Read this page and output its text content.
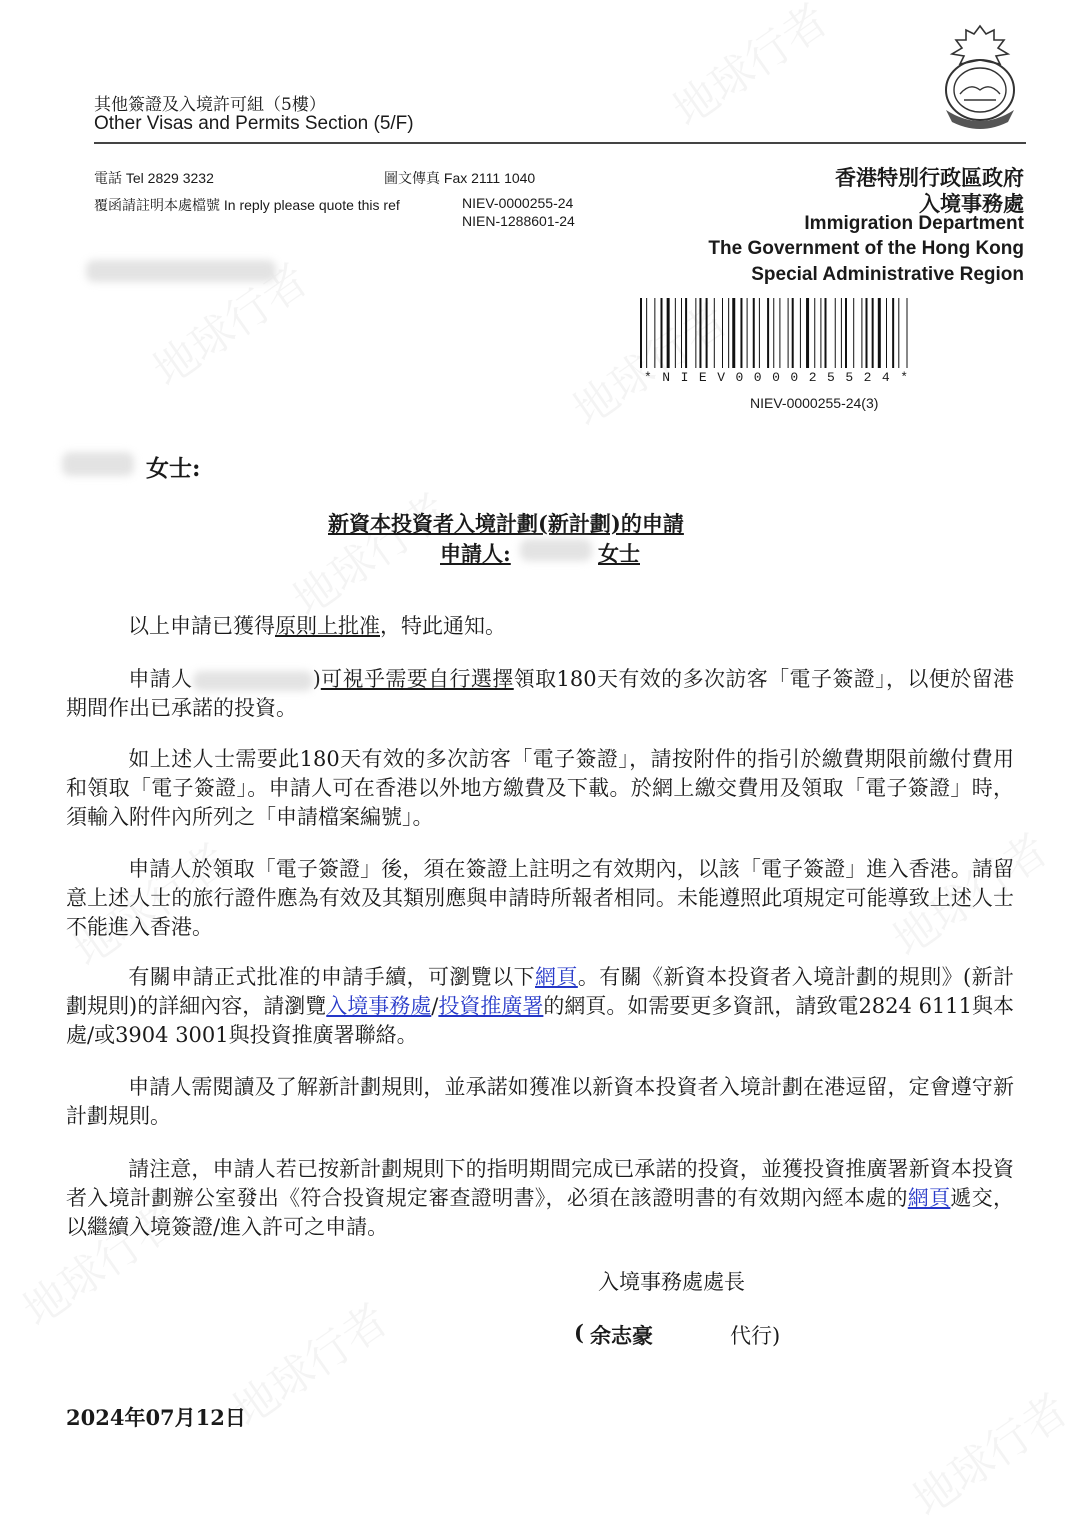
其他簽證及入境許可組（5樓）
Other Visas and Permits Section (5/F)
電話 Tel 2829 3232	圖文傳真 Fax 2111 1040
覆函請註明本處檔號 In reply please quote this ref	NIEV-0000255-24
NIEN-1288601-24
香港特別行政區政府
入境事務處
Immigration Department
The Government of the Hong Kong
Special Administrative Region
*NIEV0000255​24*
NIEV-0000255-24(3)
女士:
新資本投資者入境計劃(新計劃)的申請
申請人:	女士
以上申請已獲得原則上批准，特此通知。
申請人	)可視乎需要自行選擇領取180天有效的多次訪客「電子簽證」，以便於留港期間作出已承諾的投資。
如上述人士需要此180天有效的多次訪客「電子簽證」，請按附件的指引於繳費期限前繳付費用和領取「電子簽證」。申請人可在香港以外地方繳費及下載。於網上繳交費用及領取「電子簽證」時，須輸入附件內所列之「申請檔案編號」。
申請人於領取「電子簽證」後，須在簽證上註明之有效期內，以該「電子簽證」進入香港。請留意上述人士的旅行證件應為有效及其類別應與申請時所報者相同。未能遵照此項規定可能導致上述人士不能進入香港。
有關申請正式批准的申請手續，可瀏覽以下網頁。有關《新資本投資者入境計劃的規則》(新計劃規則)的詳細內容，請瀏覽入境事務處/投資推廣署的網頁。如需要更多資訊，請致電2824 6111與本處/或3904 3001與投資推廣署聯絡。
申請人需閱讀及了解新計劃規則，並承諾如獲准以新資本投資者入境計劃在港逗留，定會遵守新計劃規則。
請注意，申請人若已按新計劃規則下的指明期間完成已承諾的投資，並獲投資推廣署新資本投資者入境計劃辦公室發出《符合投資規定審查證明書》，必須在該證明書的有效期內經本處的網頁遞交，以繼續入境簽證/進入許可之申請。
入境事務處處長
( 余志豪	代行)
2024年07月12日
